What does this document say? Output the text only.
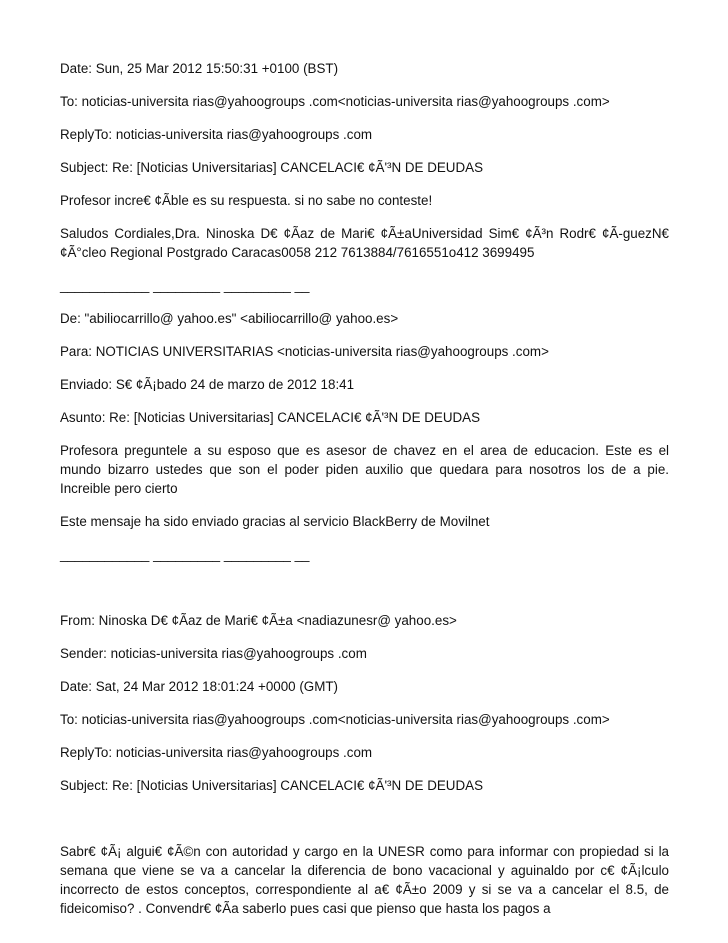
Date: Sun, 25 Mar 2012 15:50:31 +0100 (BST)

To: noticias-universita rias@yahoogroups .com<noticias-universita rias@yahoogroups .com>

ReplyTo: noticias-universita rias@yahoogroups .com

Subject: Re: [Noticias Universitarias] CANCELACI€ ¢Ã'³N DE DEUDAS

Profesor incre€ ¢Ãble es su respuesta. si no sabe no conteste!

Saludos Cordiales,Dra. Ninoska D€ ¢Ãaz de Mari€ ¢Ã±aUniversidad Sim€ ¢Ã³n Rodr€ ¢Ã-guezN€ ¢Ã°cleo Regional Postgrado Caracas0058 212 7613884/7616551o412 3699495

____________ _________ _________ __

De: "abiliocarrillo@ yahoo.es" <abiliocarrillo@ yahoo.es>

Para: NOTICIAS UNIVERSITARIAS <noticias-universita rias@yahoogroups .com>

Enviado: S€ ¢Ã¡bado 24 de marzo de 2012 18:41

Asunto: Re: [Noticias Universitarias] CANCELACI€ ¢Ã'³N DE DEUDAS

Profesora preguntele a su esposo que es asesor de chavez en el area de educacion. Este es el mundo bizarro ustedes que son el poder piden auxilio que quedara para nosotros los de a pie. Increible pero cierto

Este mensaje ha sido enviado gracias al servicio BlackBerry de Movilnet

____________ _________ _________ __

From: Ninoska D€ ¢Ãaz de Mari€ ¢Ã±a <nadiazunesr@ yahoo.es>

Sender: noticias-universita rias@yahoogroups .com

Date: Sat, 24 Mar 2012 18:01:24 +0000 (GMT)

To: noticias-universita rias@yahoogroups .com<noticias-universita rias@yahoogroups .com>

ReplyTo: noticias-universita rias@yahoogroups .com

Subject: Re: [Noticias Universitarias] CANCELACI€ ¢Ã'³N DE DEUDAS

Sabr€ ¢Ã¡ algui€ ¢Ã©n con autoridad y cargo en la UNESR como para informar con propiedad si la semana que viene se va a cancelar la diferencia de bono vacacional y aguinaldo por c€ ¢Ã¡lculo incorrecto de estos conceptos, correspondiente al a€ ¢Ã±o 2009 y si se va a cancelar el 8.5, de fideicomiso? . Convendr€ ¢Ãa saberlo pues casi que pienso que hasta los pagos a
